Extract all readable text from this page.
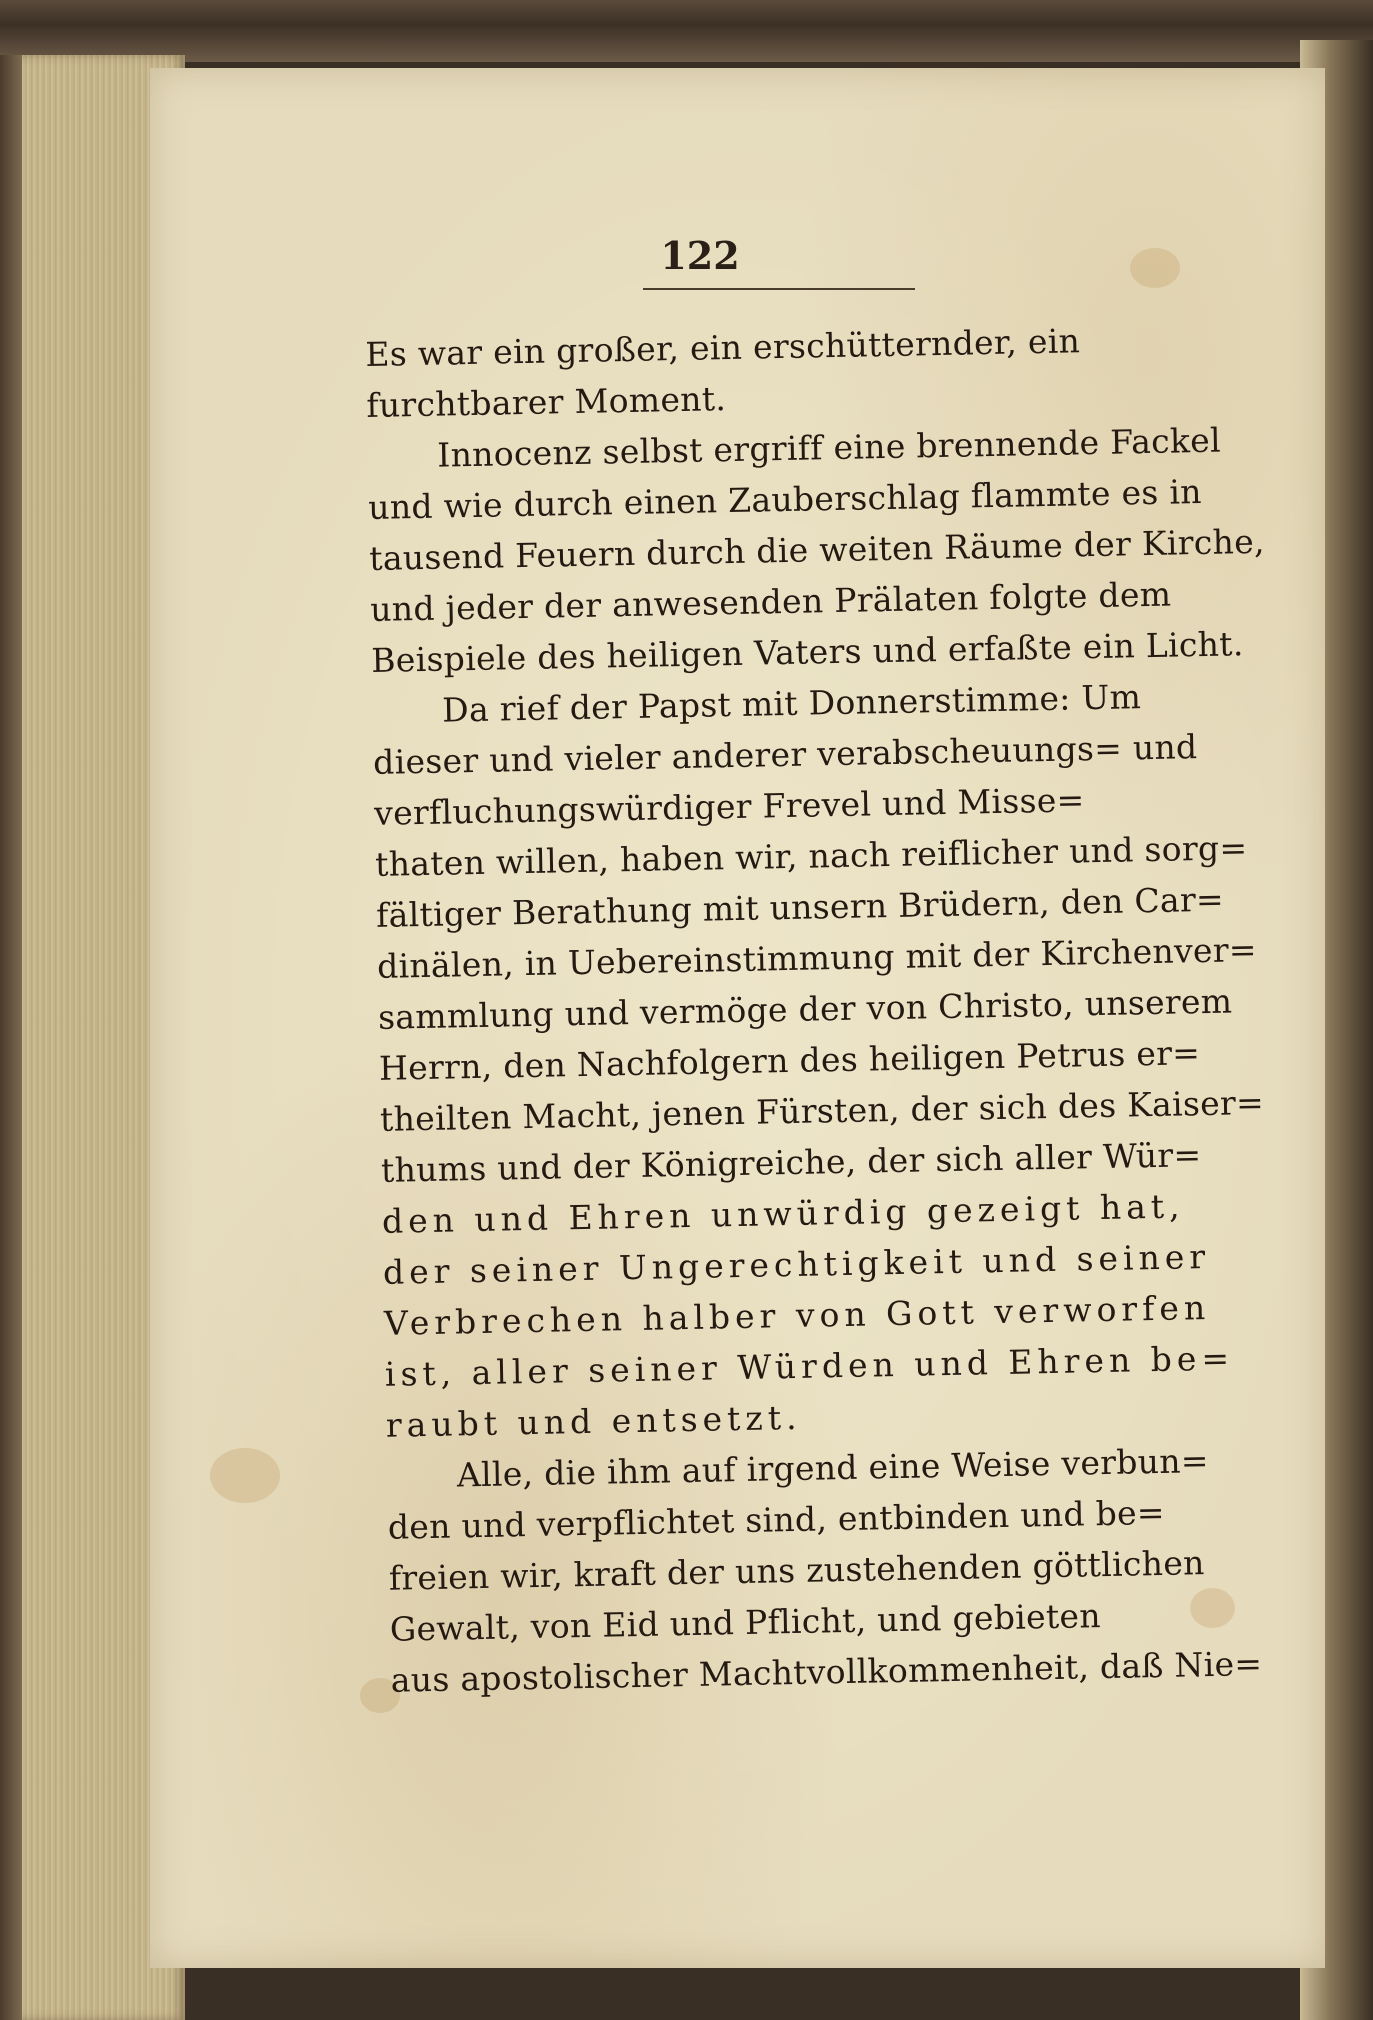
122
Es war ein großer, ein erschütternder, ein
furchtbarer Moment.
Innocenz selbst ergriff eine brennende Fackel
und wie durch einen Zauberschlag flammte es in
tausend Feuern durch die weiten Räume der Kirche,
und jeder der anwesenden Prälaten folgte dem
Beispiele des heiligen Vaters und erfaßte ein Licht.
Da rief der Papst mit Donnerstimme: Um
dieser und vieler anderer verabscheuungs= und
verfluchungswürdiger Frevel und Misse=
thaten willen, haben wir, nach reiflicher und sorg=
fältiger Berathung mit unsern Brüdern, den Car=
dinälen, in Uebereinstimmung mit der Kirchenver=
sammlung und vermöge der von Christo, unserem
Herrn, den Nachfolgern des heiligen Petrus er=
theilten Macht, jenen Fürsten, der sich des Kaiser=
thums und der Königreiche, der sich aller Wür=
den und Ehren unwürdig gezeigt hat,
der seiner Ungerechtigkeit und seiner
Verbrechen halber von Gott verworfen
ist, aller seiner Würden und Ehren be=
raubt und entsetzt.
Alle, die ihm auf irgend eine Weise verbun=
den und verpflichtet sind, entbinden und be=
freien wir, kraft der uns zustehenden göttlichen
Gewalt, von Eid und Pflicht, und gebieten
aus apostolischer Machtvollkommenheit, daß Nie=
